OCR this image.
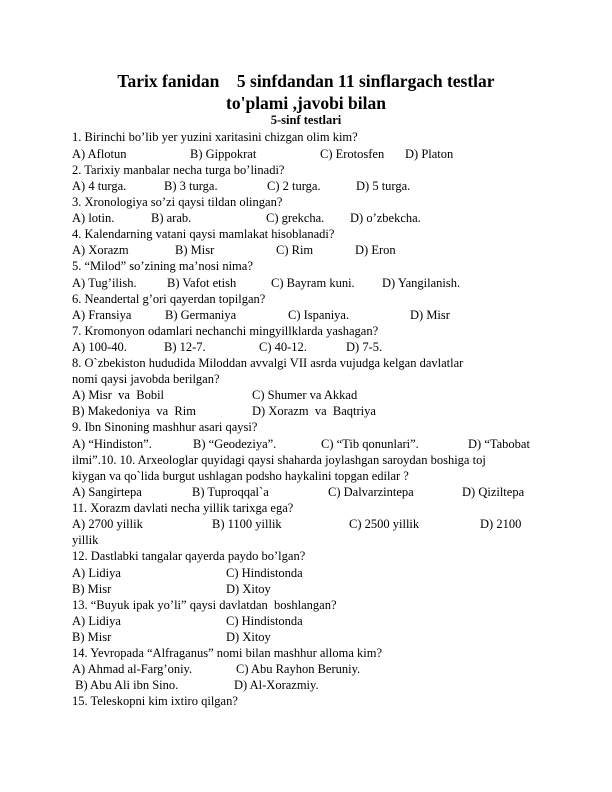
Tarix fanidan    5 sinfdandan 11 sinflargach testlar
to'plami ,javobi bilan
5-sinf testlari
1. Birinchi bo’lib yer yuzini xaritasini chizgan olim kim?
A) Aflotun	B) Gippokrat	C) Erotosfen D) Platon
2. Tarixiy manbalar necha turga bo’linadi?
A) 4 turga.	B) 3 turga.	C) 2 turga.	D) 5 turga.
3. Xronologiya so’zi qaysi tildan olingan?
A) lotin.	B) arab.	C) grekcha. D) o’zbekcha.
4. Kalendarning vatani qaysi mamlakat hisoblanadi?
A) Xorazm	B) Misr	C) Rim	D) Eron
5. “Milod” so’zining ma’nosi nima?
A) Tug’ilish. B) Vafot etish	C) Bayram kuni. D) Yangilanish.
6. Neandertal g’ori qayerdan topilgan?
A) Fransiya	B) Germaniya	C) Ispaniya.	D) Misr
7. Kromonyon odamlari nechanchi mingyillklarda yashagan?
A) 100-40.	B) 12-7.	C) 40-12.	D) 7-5.
8. O`zbekiston hududida Miloddan avvalgi VII asrda vujudga kelgan davlatlar
nomi qaysi javobda berilgan?
A) Misr  va  Bobil	C) Shumer va Akkad
B) Makedoniya  va  Rim	D) Xorazm  va  Baqtriya
9. Ibn Sinoning mashhur asari qaysi?
A) “Hindiston”.	B) “Geodeziya”.	C) “Tib qonunlari”.	D) “Tabobat
ilmi”.10. 10. Arxeologlar quyidagi qaysi shaharda joylashgan saroydan boshiga toj
kiygan va qo`lida burgut ushlagan podsho haykalini topgan edilar ?
A) Sangirtepa	B) Tuproqqal`a	C) Dalvarzintepa	D) Qiziltepa
11. Xorazm davlati necha yillik tarixga ega?
A) 2700 yillik	B) 1100 yillik	C) 2500 yillik	D) 2100
yillik
12. Dastlabki tangalar qayerda paydo bo’lgan?
A) Lidiya	C) Hindistonda
B) Misr	D) Xitoy
13. “Buyuk ipak yo’li” qaysi davlatdan  boshlangan?
A) Lidiya	C) Hindistonda
B) Misr	D) Xitoy
14. Yevropada “Alfraganus” nomi bilan mashhur alloma kim?
A) Ahmad al-Farg’oniy.	C) Abu Rayhon Beruniy.
B) Abu Ali ibn Sino.	D) Al-Xorazmiy.
15. Teleskopni kim ixtiro qilgan?
